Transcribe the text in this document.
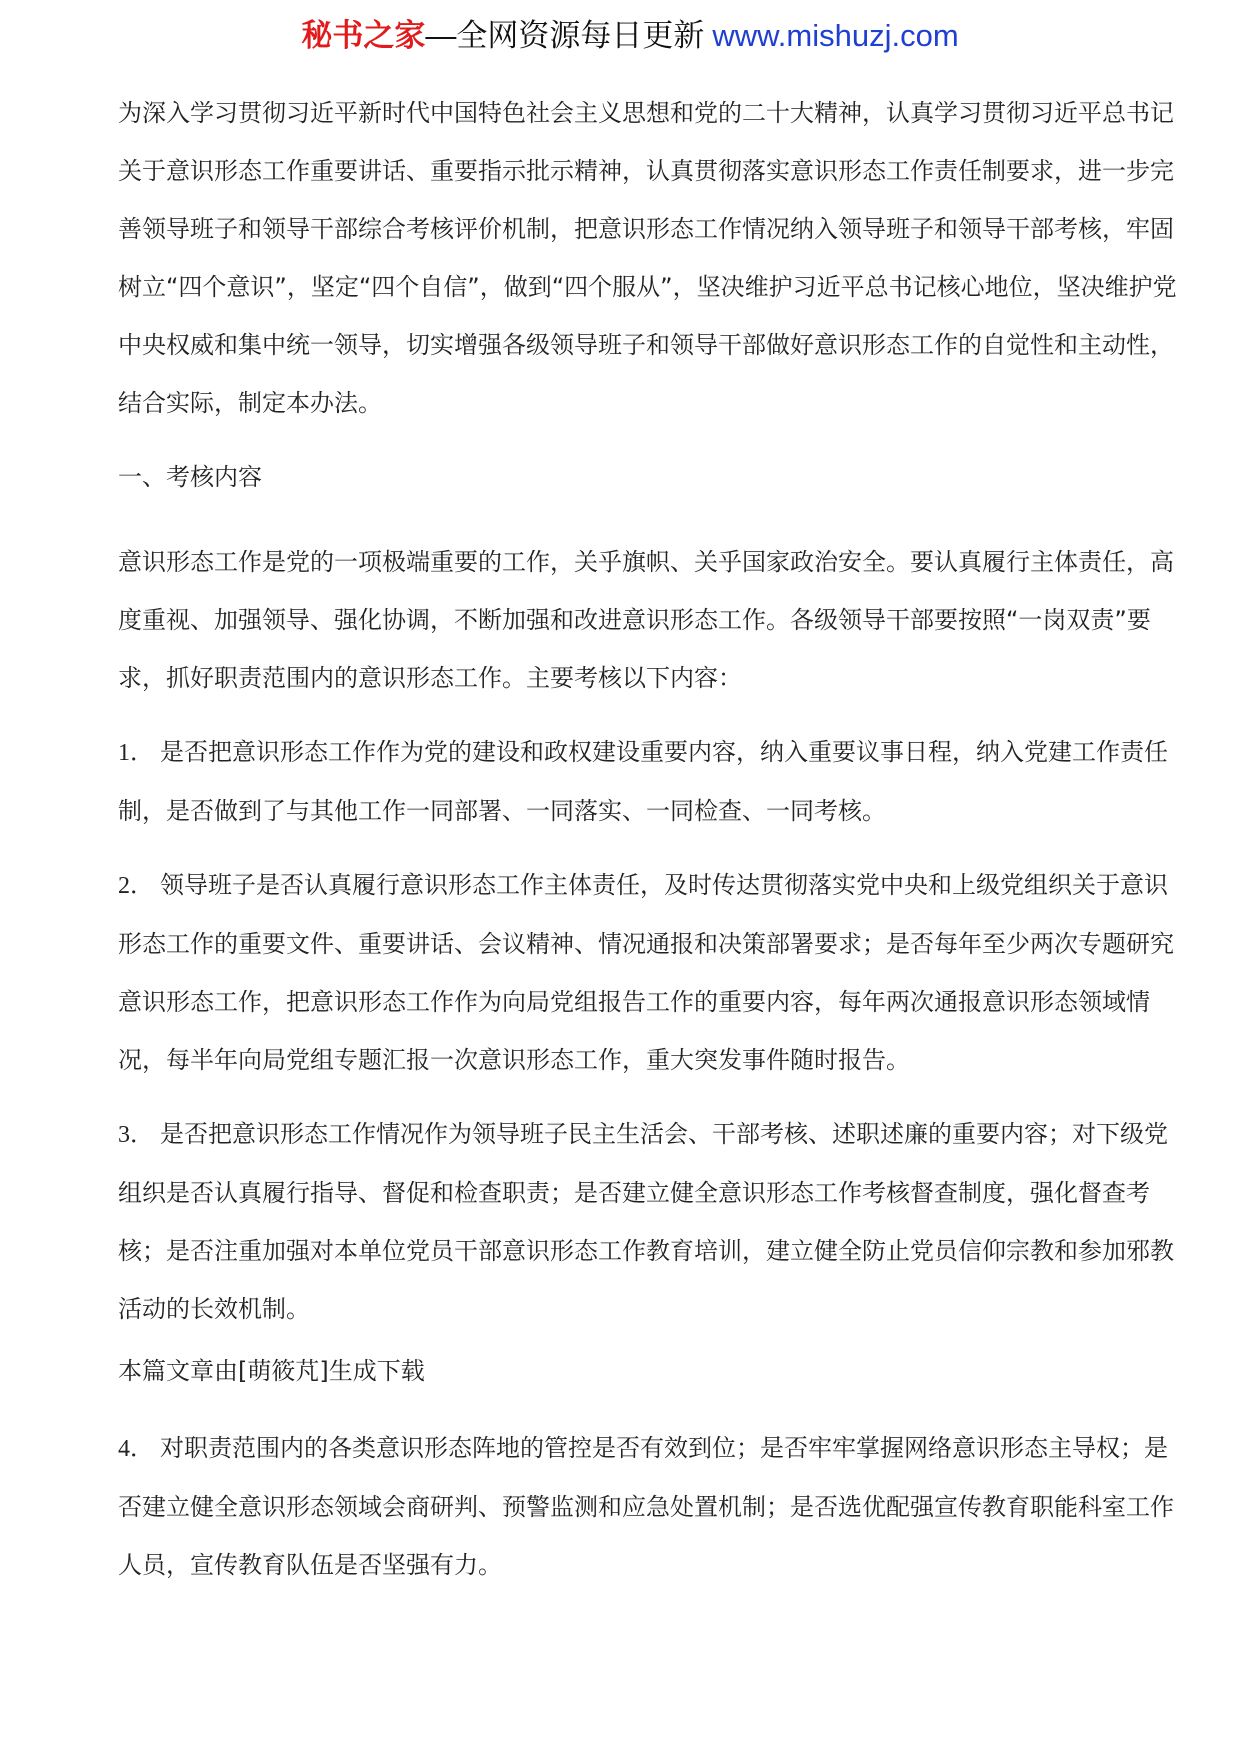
秘书之家—全网资源每日更新 www.mishuzj.com

为深入学习贯彻习近平新时代中国特色社会主义思想和党的二十大精神，认真学习贯彻习近平总书记关于意识形态工作重要讲话、重要指示批示精神，认真贯彻落实意识形态工作责任制要求，进一步完善领导班子和领导干部综合考核评价机制，把意识形态工作情况纳入领导班子和领导干部考核，牢固树立“四个意识”，坚定“四个自信”，做到“四个服从”，坚决维护习近平总书记核心地位，坚决维护党中央权威和集中统一领导，切实增强各级领导班子和领导干部做好意识形态工作的自觉性和主动性，结合实际，制定本办法。

一、考核内容

意识形态工作是党的一项极端重要的工作，关乎旗帜、关乎国家政治安全。要认真履行主体责任，高度重视、加强领导、强化协调，不断加强和改进意识形态工作。各级领导干部要按照“一岗双责”要求，抓好职责范围内的意识形态工作。主要考核以下内容：

1． 是否把意识形态工作作为党的建设和政权建设重要内容，纳入重要议事日程，纳入党建工作责任制，是否做到了与其他工作一同部署、一同落实、一同检查、一同考核。

2． 领导班子是否认真履行意识形态工作主体责任，及时传达贯彻落实党中央和上级党组织关于意识形态工作的重要文件、重要讲话、会议精神、情况通报和决策部署要求；是否每年至少两次专题研究意识形态工作，把意识形态工作作为向局党组报告工作的重要内容，每年两次通报意识形态领域情况，每半年向局党组专题汇报一次意识形态工作，重大突发事件随时报告。

3． 是否把意识形态工作情况作为领导班子民主生活会、干部考核、述职述廉的重要内容；对下级党组织是否认真履行指导、督促和检查职责；是否建立健全意识形态工作考核督查制度，强化督查考核；是否注重加强对本单位党员干部意识形态工作教育培训，建立健全防止党员信仰宗教和参加邪教活动的长效机制。

本篇文章由[萌筱芃]生成下载

4． 对职责范围内的各类意识形态阵地的管控是否有效到位；是否牢牢掌握网络意识形态主导权；是否建立健全意识形态领域会商研判、预警监测和应急处置机制；是否选优配强宣传教育职能科室工作人员，宣传教育队伍是否坚强有力。
